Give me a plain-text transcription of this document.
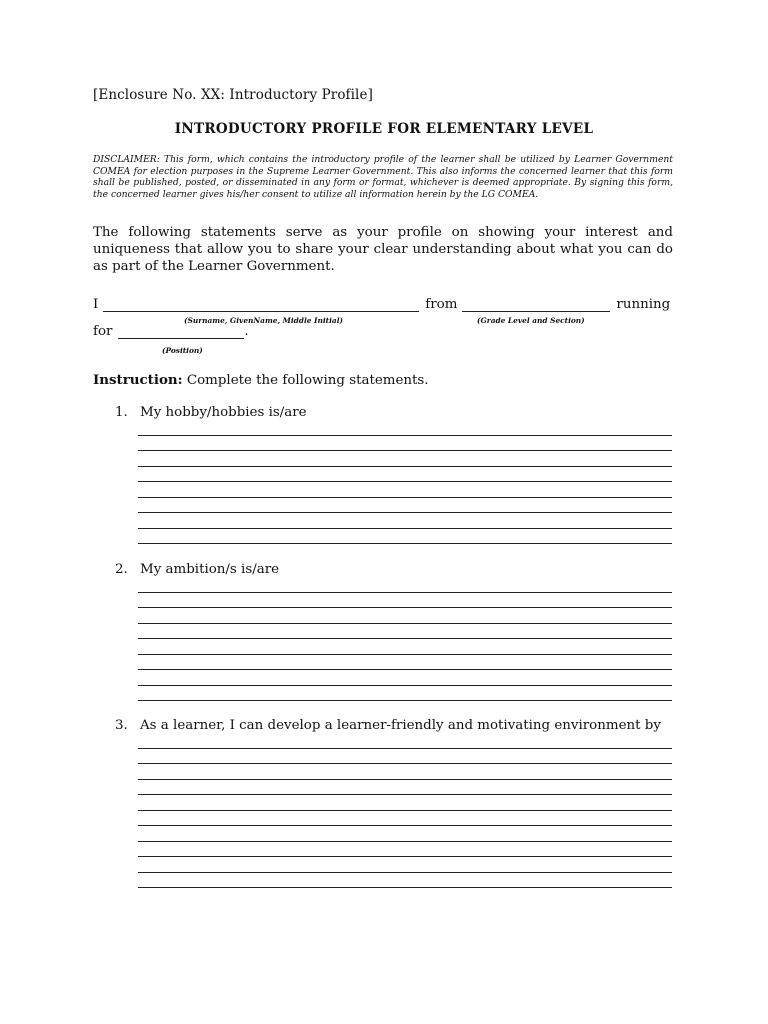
[Enclosure No. XX: Introductory Profile]
INTRODUCTORY PROFILE FOR ELEMENTARY LEVEL

DISCLAIMER: This form, which contains the introductory profile of the learner shall be utilized by Learner Government COMEA for election purposes in the Supreme Learner Government. This also informs the concerned learner that this form shall be published, posted, or disseminated in any form or format, whichever is deemed appropriate. By signing this form, the concerned learner gives his/her consent to utilize all information herein by the LG COMEA.

The following statements serve as your profile on showing your interest and uniqueness that allow you to share your clear understanding about what you can do as part of the Learner Government.

I	from	running
(Surname, GivenName, Middle Initial)	(Grade Level and Section)
for	.
(Position)
Instruction: Complete the following statements.
1. My hobby/hobbies is/are
2. My ambition/s is/are
3. As a learner, I can develop a learner-friendly and motivating environment by
